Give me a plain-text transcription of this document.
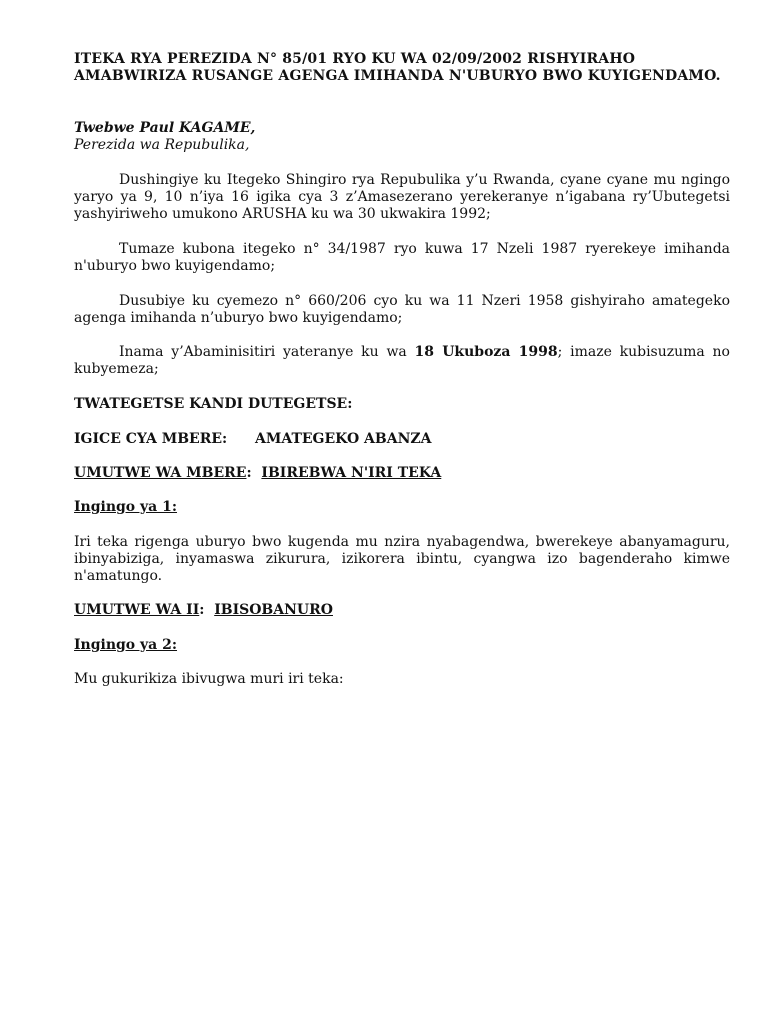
ITEKA RYA PEREZIDA N° 85/01 RYO KU WA 02/09/2002 RISHYIRAHO
AMABWIRIZA RUSANGE AGENGA IMIHANDA N'UBURYO BWO KUYIGENDAMO.

Twebwe Paul KAGAME,
Perezida wa Repubulika,

Dushingiye ku Itegeko Shingiro rya Repubulika y’u Rwanda, cyane cyane mu ngingo yaryo ya 9, 10 n’iya 16 igika cya 3 z’Amasezerano yerekeranye n’igabana ry’Ubutegetsi yashyiriweho umukono ARUSHA ku wa 30 ukwakira 1992;

Tumaze kubona itegeko n° 34/1987 ryo kuwa 17 Nzeli 1987 ryerekeye imihanda n'uburyo bwo kuyigendamo;

Dusubiye ku cyemezo n° 660/206 cyo ku wa 11 Nzeri 1958 gishyiraho amategeko agenga imihanda n’uburyo bwo kuyigendamo;

Inama y’Abaminisitiri yateranye ku wa 18 Ukuboza 1998; imaze kubisuzuma no kubyemeza;

TWATEGETSE KANDI DUTEGETSE:

IGICE CYA MBERE: AMATEGEKO ABANZA

UMUTWE WA MBERE:  IBIREBWA N'IRI TEKA

Ingingo ya 1:

Iri teka rigenga uburyo bwo kugenda mu nzira nyabagendwa, bwerekeye abanyamaguru, ibinyabiziga, inyamaswa zikurura, izikorera ibintu, cyangwa izo bagenderaho kimwe n'amatungo.

UMUTWE WA II:  IBISOBANURO

Ingingo ya 2:

Mu gukurikiza ibivugwa muri iri teka:
